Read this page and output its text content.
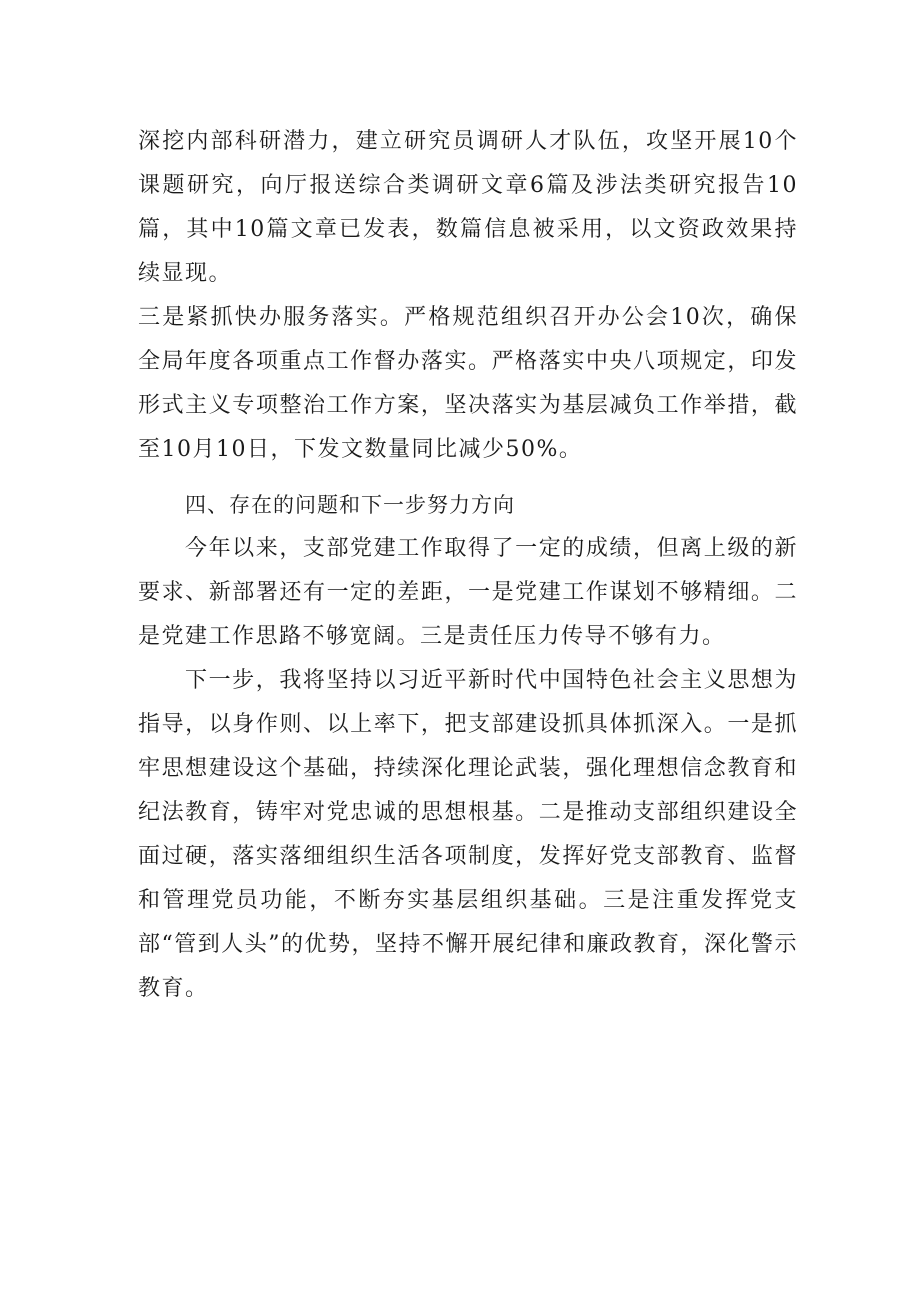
深挖内部科研潜力，建立研究员调研人才队伍，攻坚开展10个课题研究，向厅报送综合类调研文章6篇及涉法类研究报告10篇，其中10篇文章已发表，数篇信息被采用，以文资政效果持续显现。

三是紧抓快办服务落实。严格规范组织召开办公会10次，确保全局年度各项重点工作督办落实。严格落实中央八项规定，印发形式主义专项整治工作方案，坚决落实为基层减负工作举措，截至10月10日，下发文数量同比减少50%。

四、存在的问题和下一步努力方向

今年以来，支部党建工作取得了一定的成绩，但离上级的新要求、新部署还有一定的差距，一是党建工作谋划不够精细。二是党建工作思路不够宽阔。三是责任压力传导不够有力。

下一步，我将坚持以习近平新时代中国特色社会主义思想为指导，以身作则、以上率下，把支部建设抓具体抓深入。一是抓牢思想建设这个基础，持续深化理论武装，强化理想信念教育和纪法教育，铸牢对党忠诚的思想根基。二是推动支部组织建设全面过硬，落实落细组织生活各项制度，发挥好党支部教育、监督和管理党员功能，不断夯实基层组织基础。三是注重发挥党支部“管到人头”的优势，坚持不懈开展纪律和廉政教育，深化警示教育。
